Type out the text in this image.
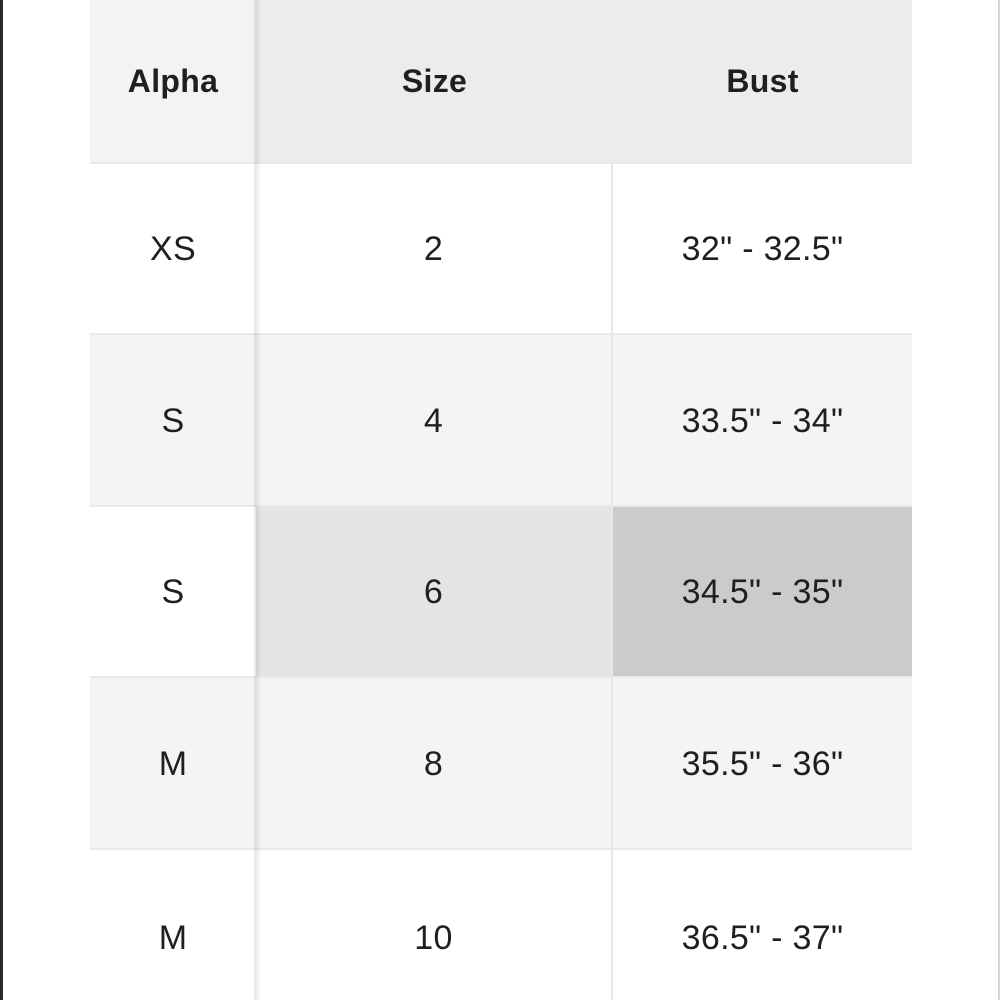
Alpha	Size	Bust
XS	2	32" - 32.5"
S	4	33.5" - 34"
S	6	34.5" - 35"
M	8	35.5" - 36"
M	10	36.5" - 37"
